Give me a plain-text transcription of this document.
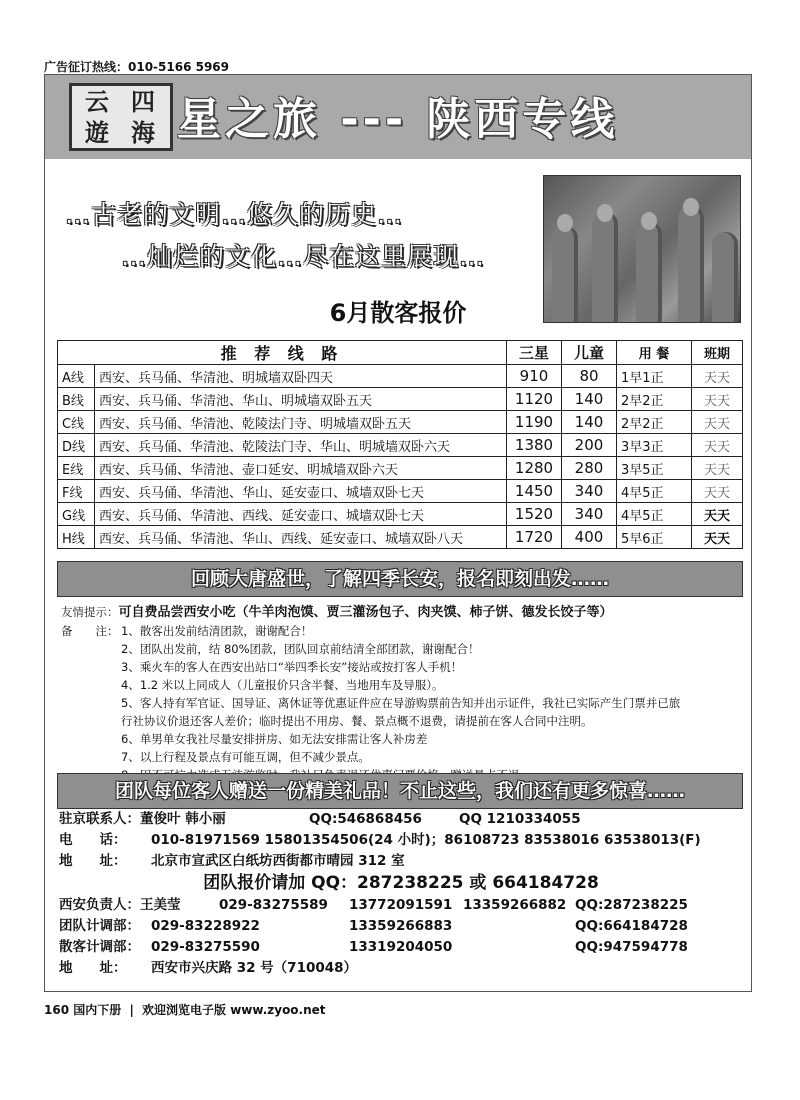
广告征订热线：010-5166 5969
云 四
遊 海 星之旅 --- 陕西专线
…古老的文明…悠久的历史…
…灿烂的文化…尽在这里展现…
6月散客报价
推 荐 线 路		三星	儿童	用 餐	班期
A线	西安、兵马俑、华清池、明城墙双卧四天	910	80	1早1正	天天
B线	西安、兵马俑、华清池、华山、明城墙双卧五天	1120	140	2早2正	天天
C线	西安、兵马俑、华清池、乾陵法门寺、明城墙双卧五天	1190	140	2早2正	天天
D线	西安、兵马俑、华清池、乾陵法门寺、华山、明城墙双卧六天	1380	200	3早3正	天天
E线	西安、兵马俑、华清池、壶口延安、明城墙双卧六天	1280	280	3早5正	天天
F线	西安、兵马俑、华清池、华山、延安壶口、城墙双卧七天	1450	340	4早5正	天天
G线	西安、兵马俑、华清池、西线、延安壶口、城墙双卧七天	1520	340	4早5正	天天
H线	西安、兵马俑、华清池、华山、西线、延安壶口、城墙双卧八天	1720	400	5早6正	天天
回顾大唐盛世，了解四季长安，报名即刻出发……
友情提示：可自费品尝西安小吃（牛羊肉泡馍、贾三灌汤包子、肉夹馍、柿子饼、德发长饺子等）
备　　注： 1、散客出发前结清团款，谢谢配合！
2、团队出发前，结 80%团款，团队回京前结清全部团款，谢谢配合！
3、乘火车的客人在西安出站口“举四季长安”接站或按打客人手机！
4、1.2 米以上同成人（儿童报价只含半餐、当地用车及导服）。
5、客人持有军官证、国导证、离休证等优惠证件应在导游购票前告知并出示证件，我社已实际产生门票并已旅
行社协议价退还客人差价；临时提出不用房、餐、景点概不退费，请提前在客人合同中注明。
6、单男单女我社尽量安排拼房、如无法安排需让客人补房差
7、以上行程及景点有可能互调，但不减少景点。
团队每位客人赠送一份精美礼品！不止这些，我们还有更多惊喜……
驻京联系人：董俊叶 韩小丽	QQ:546868456	QQ 1210334055
电　　话： 010-81971569 15801354506(24 小时)；86108723 83538016 63538013(F)
地　　址： 北京市宣武区白纸坊西街都市晴园 312 室
团队报价请加 QQ：287238225 或 664184728
西安负责人：王美莹	029-83275589 13772091591 13359266882 QQ:287238225
团队计调部： 029-83228922	13359266883	QQ:664184728
散客计调部： 029-83275590	13319204050	QQ:947594778
地　　址： 西安市兴庆路 32 号（710048）
160 国内下册 | 欢迎浏览电子版 www.zyoo.net
